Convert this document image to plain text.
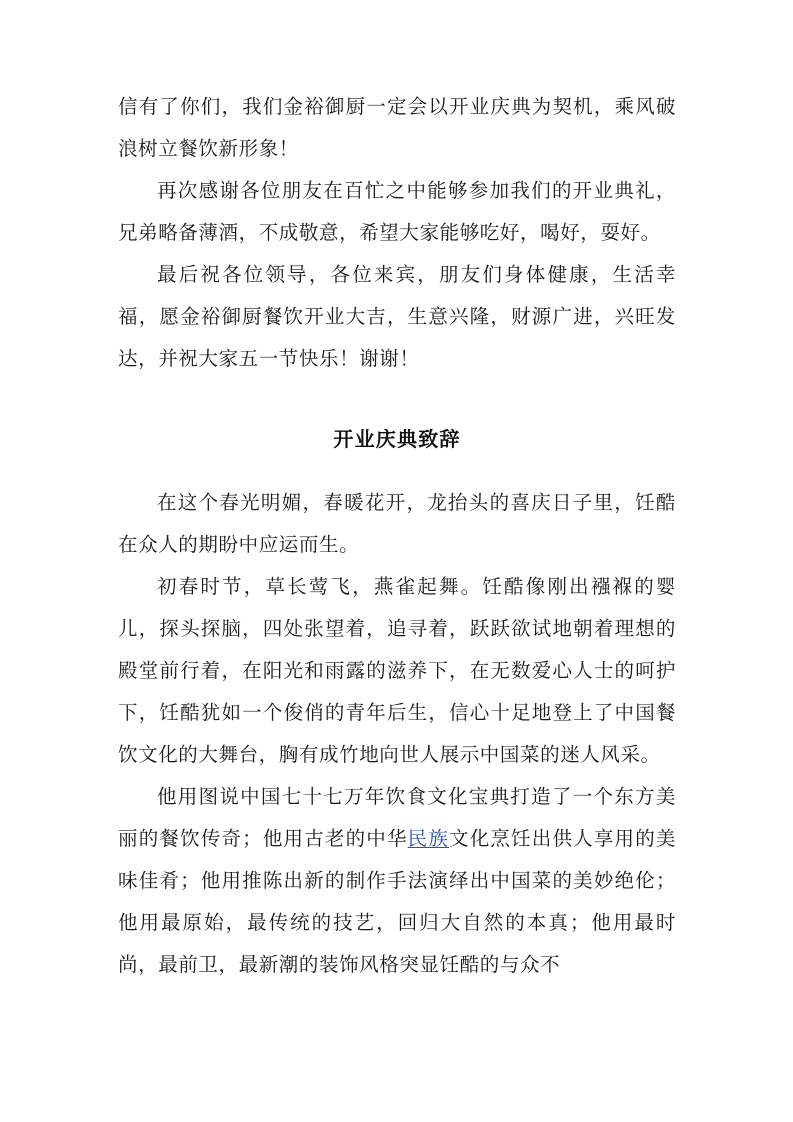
信有了你们，我们金裕御厨一定会以开业庆典为契机，乘风破浪树立餐饮新形象！

再次感谢各位朋友在百忙之中能够参加我们的开业典礼，兄弟略备薄酒，不成敬意，希望大家能够吃好，喝好，耍好。

最后祝各位领导，各位来宾，朋友们身体健康，生活幸福，愿金裕御厨餐饮开业大吉，生意兴隆，财源广进，兴旺发达，并祝大家五一节快乐！谢谢！

开业庆典致辞

在这个春光明媚，春暖花开，龙抬头的喜庆日子里，饪酷在众人的期盼中应运而生。

初春时节，草长莺飞，燕雀起舞。饪酷像刚出襁褓的婴儿，探头探脑，四处张望着，追寻着，跃跃欲试地朝着理想的殿堂前行着，在阳光和雨露的滋养下，在无数爱心人士的呵护下，饪酷犹如一个俊俏的青年后生，信心十足地登上了中国餐饮文化的大舞台，胸有成竹地向世人展示中国菜的迷人风采。

他用图说中国七十七万年饮食文化宝典打造了一个东方美丽的餐饮传奇；他用古老的中华民族文化烹饪出供人享用的美味佳肴；他用推陈出新的制作手法演绎出中国菜的美妙绝伦；他用最原始，最传统的技艺，回归大自然的本真；他用最时尚，最前卫，最新潮的装饰风格突显饪酷的与众不
